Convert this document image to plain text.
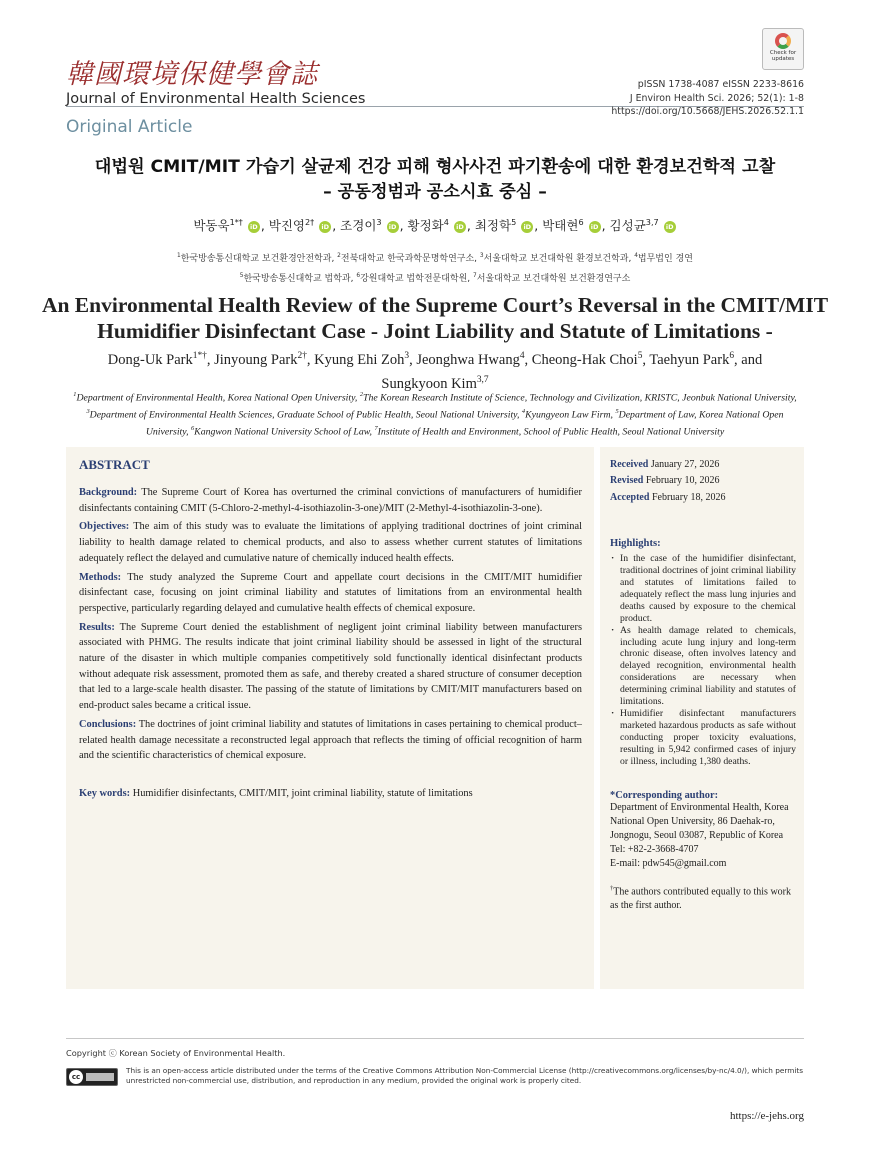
韓國環境保健學會誌
Journal of Environmental Health Sciences
Original Article
Check for updates
pISSN 1738-4087 eISSN 2233-8616
J Environ Health Sci. 2026; 52(1): 1-8
https://doi.org/10.5668/JEHS.2026.52.1.1
대법원 CMIT/MIT 가습기 살균제 건강 피해 형사사건 파기환송에 대한 환경보건학적 고찰
– 공동정범과 공소시효 중심 –
박동욱$^{1*\dagger}$ iD , 박진영$^{2\dagger}$ iD , 조경이$^3$ iD , 황정화$^4$ iD , 최정학$^5$ iD , 박태현$^6$ iD , 김성균$^{3,7}$ iD
$^1$한국방송통신대학교 보건환경안전학과, $^2$전북대학교 한국과학문명학연구소, $^3$서울대학교 보건대학원 환경보건학과, $^4$법무법인 경연
$^5$한국방송통신대학교 법학과, $^6$강원대학교 법학전문대학원, $^7$서울대학교 보건대학원 보건환경연구소
An Environmental Health Review of the Supreme Court’s Reversal in the CMIT/MIT
Humidifier Disinfectant Case - Joint Liability and Statute of Limitations -
Dong-Uk Park$^{1*\dagger}$, Jinyoung Park$^{2\dagger}$, Kyung Ehi Zoh$^3$, Jeonghwa Hwang$^4$, Cheong-Hak Choi$^5$, Taehyun Park$^6$, and Sungkyoon Kim$^{3,7}$
$^1$Department of Environmental Health, Korea National Open University, $^2$The Korean Research Institute of Science, Technology and Civilization, KRISTC, Jeonbuk National University, $^3$Department of Environmental Health Sciences, Graduate School of Public Health, Seoul National University, $^4$Kyungyeon Law Firm, $^5$Department of Law, Korea National Open University, $^6$Kangwon National University School of Law, $^7$Institute of Health and Environment, School of Public Health, Seoul National University
ABSTRACT

Background: The Supreme Court of Korea has overturned the criminal convictions of manufacturers of humidifier disinfectants containing CMIT (5-Chloro-2-methyl-4-isothiazolin-3-one)/MIT (2-Methyl-4-isothiazolin-3-one).

Objectives: The aim of this study was to evaluate the limitations of applying traditional doctrines of joint criminal liability to health damage related to chemical products, and also to assess whether current statutes of limitations adequately reflect the delayed and cumulative nature of chemically induced health effects.

Methods: The study analyzed the Supreme Court and appellate court decisions in the CMIT/MIT humidifier disinfectant case, focusing on joint criminal liability and statutes of limitations from an environmental health perspective, particularly regarding delayed and cumulative health effects of chemical exposure.

Results: The Supreme Court denied the establishment of negligent joint criminal liability between manufacturers associated with PHMG. The results indicate that joint criminal liability should be assessed in light of the structural nature of the disaster in which multiple companies competitively sold functionally identical disinfectant products without adequate risk assessment, promoted them as safe, and thereby created a shared structure of consumer deception that led to a large-scale health disaster. The passing of the statute of limitations by CMIT/MIT manufacturers based on end-product sales became a critical issue.

Conclusions: The doctrines of joint criminal liability and statutes of limitations in cases pertaining to chemical product–related health damage necessitate a reconstructed legal approach that reflects the timing of official recognition of harm and the scientific characteristics of chemical exposure.

Key words: Humidifier disinfectants, CMIT/MIT, joint criminal liability, statute of limitations

Received January 27, 2026
Revised February 10, 2026
Accepted February 18, 2026
Highlights:
· In the case of the humidifier disinfectant, traditional doctrines of joint criminal liability and statutes of limitations failed to adequately reflect the mass lung injuries and deaths caused by exposure to the chemical product.
· As health damage related to chemicals, including acute lung injury and long-term chronic disease, often involves latency and delayed recognition, environmental health considerations are necessary when determining criminal liability and statutes of limitations.
· Humidifier disinfectant manufacturers marketed hazardous products as safe without conducting proper toxicity evaluations, resulting in 5,942 confirmed cases of injury or illness, including 1,380 deaths.
*Corresponding author:
Department of Environmental Health, Korea National Open University, 86 Daehak-ro, Jongnogu, Seoul 03087, Republic of Korea
Tel: +82-2-3668-4707
E-mail: pdw545@gmail.com
†The authors contributed equally to this work as the first author.
Copyright ⓒ Korean Society of Environmental Health.
cc
This is an open-access article distributed under the terms of the Creative Commons Attribution Non-Commercial License (http://creativecommons.org/licenses/by-nc/4.0/), which permits unrestricted non-commercial use, distribution, and reproduction in any medium, provided the original work is properly cited.
https://e-jehs.org
